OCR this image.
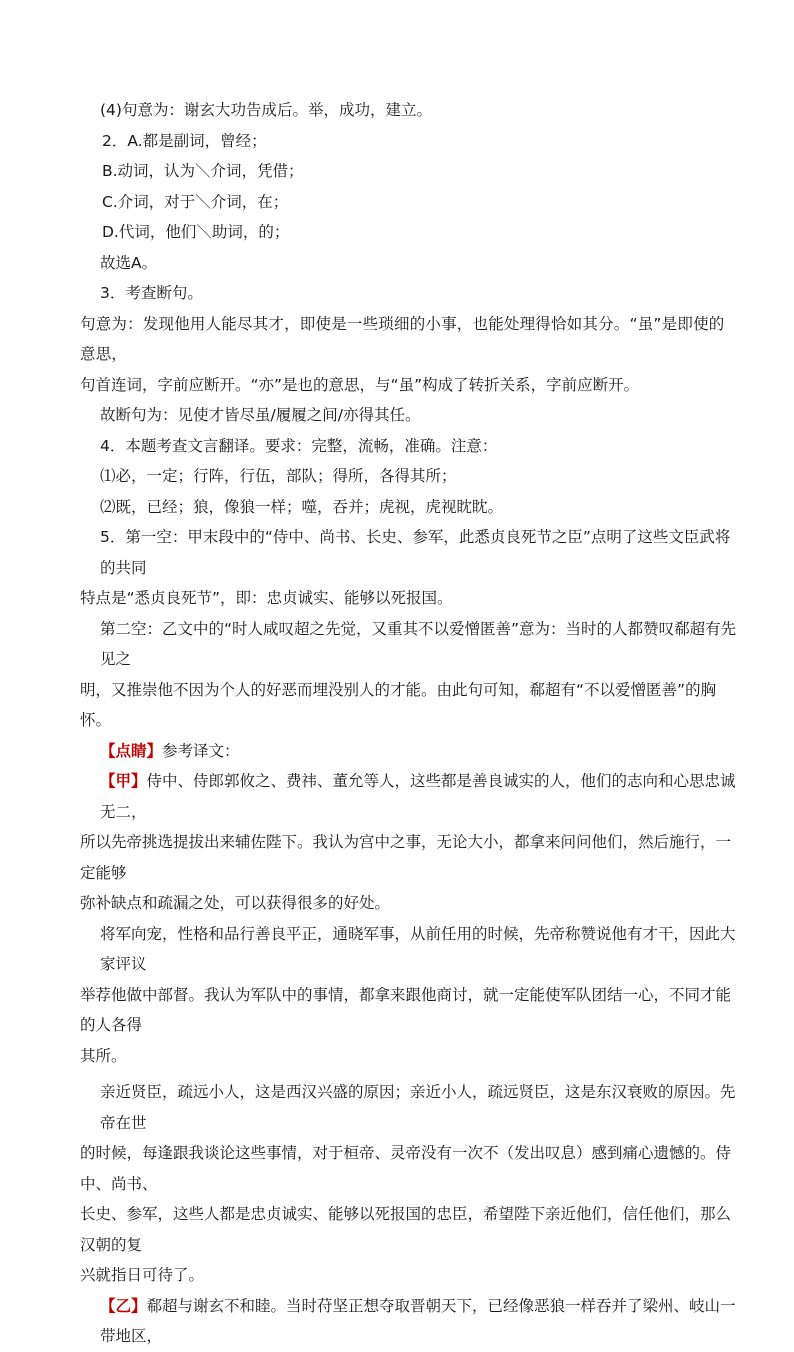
(4)句意为：谢玄大功告成后。举，成功，建立。

2．A.都是副词，曾经；

B.动词，认为＼介词，凭借；

C.介词，对于＼介词，在；

D.代词，他们＼助词，的；

故选A。

3．考查断句。

句意为：发现他用人能尽其才，即使是一些琐细的小事，也能处理得恰如其分。“虽”是即使的意思，

句首连词，字前应断开。“亦”是也的意思，与“虽”构成了转折关系，字前应断开。

故断句为：见使才皆尽虽/履履之间/亦得其任。

4．本题考查文言翻译。要求：完整，流畅，准确。注意：

⑴必，一定；行阵，行伍，部队；得所，各得其所；

⑵既，已经；狼，像狼一样；噬，吞并；虎视，虎视眈眈。

5．第一空：甲末段中的“侍中、尚书、长史、参军，此悉贞良死节之臣”点明了这些文臣武将的共同

特点是“悉贞良死节”，即：忠贞诚实、能够以死报国。

第二空：乙文中的“时人咸叹超之先觉，又重其不以爱憎匿善”意为：当时的人都赞叹郗超有先见之

明，又推崇他不因为个人的好恶而埋没别人的才能。由此句可知，郗超有“不以爱憎匿善”的胸怀。

【点睛】参考译文：

【甲】侍中、侍郎郭攸之、费祎、董允等人，这些都是善良诚实的人，他们的志向和心思忠诚无二，

所以先帝挑选提拔出来辅佐陛下。我认为宫中之事，无论大小，都拿来问问他们，然后施行，一定能够

弥补缺点和疏漏之处，可以获得很多的好处。

将军向宠，性格和品行善良平正，通晓军事，从前任用的时候，先帝称赞说他有才干，因此大家评议

举荐他做中部督。我认为军队中的事情，都拿来跟他商讨，就一定能使军队团结一心，不同才能的人各得

其所。

亲近贤臣，疏远小人，这是西汉兴盛的原因；亲近小人，疏远贤臣，这是东汉衰败的原因。先帝在世

的时候，每逢跟我谈论这些事情，对于桓帝、灵帝没有一次不（发出叹息）感到痛心遗憾的。侍中、尚书、

长史、参军，这些人都是忠贞诚实、能够以死报国的忠臣，希望陛下亲近他们，信任他们，那么汉朝的复

兴就指日可待了。

【乙】郗超与谢玄不和睦。当时苻坚正想夺取晋朝天下，已经像恶狼一样吞并了梁州、岐山一带地区，
